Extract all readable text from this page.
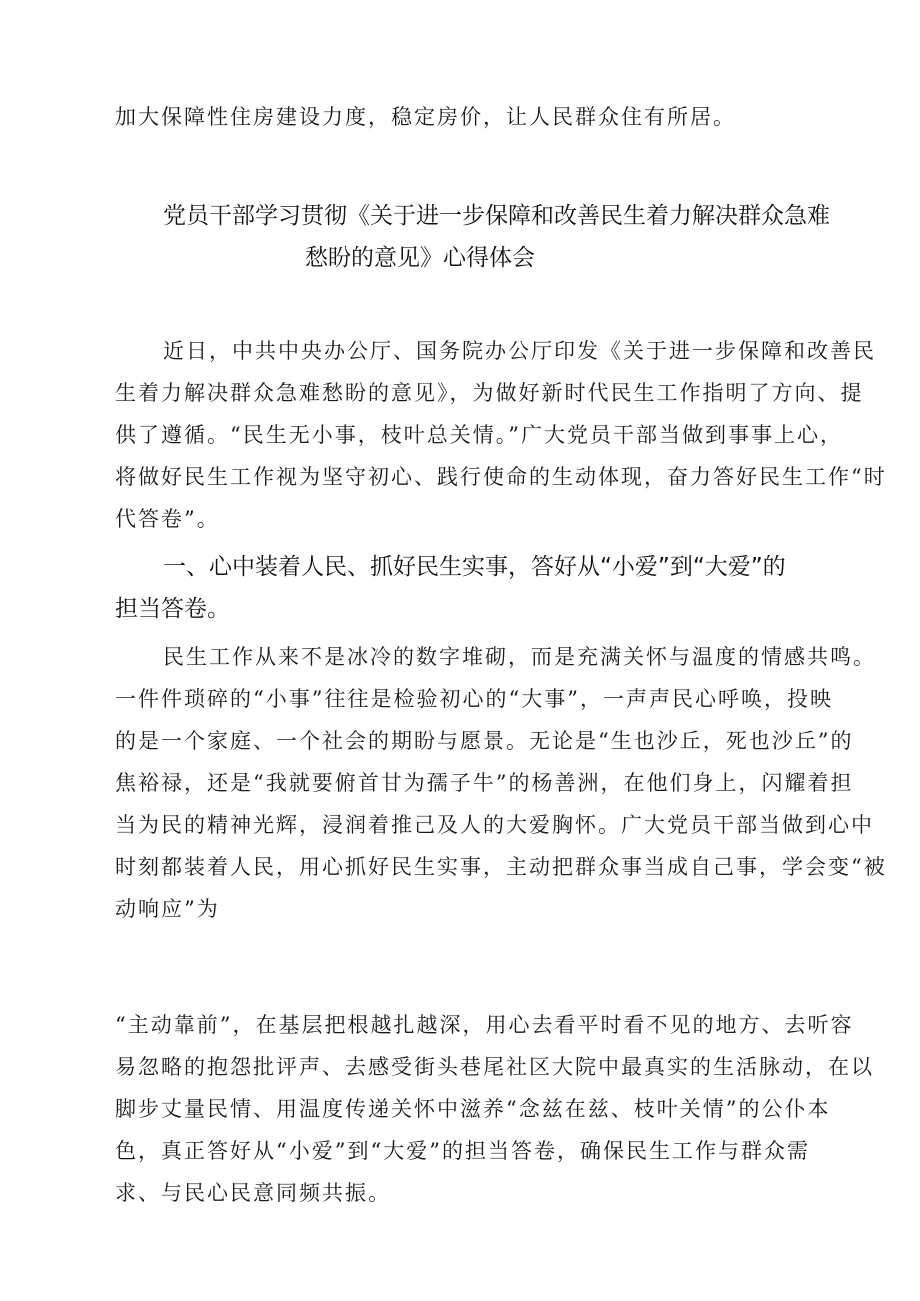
加大保障性住房建设力度，稳定房价，让人民群众住有所居。
党员干部学习贯彻《关于进一步保障和改善民生着力解决群众急难
愁盼的意见》心得体会
近日，中共中央办公厅、国务院办公厅印发《关于进一步保障和改善民
生着力解决群众急难愁盼的意见》，为做好新时代民生工作指明了方向、提
供了遵循。“民生无小事，枝叶总关情。”广大党员干部当做到事事上心，
将做好民生工作视为坚守初心、践行使命的生动体现，奋力答好民生工作“时
代答卷”。
一、心中装着人民、抓好民生实事，答好从“小爱”到“大爱”的
担当答卷。
民生工作从来不是冰冷的数字堆砌，而是充满关怀与温度的情感共鸣。
一件件琐碎的“小事”往往是检验初心的“大事”，一声声民心呼唤，投映
的是一个家庭、一个社会的期盼与愿景。无论是“生也沙丘，死也沙丘”的
焦裕禄，还是“我就要俯首甘为孺子牛”的杨善洲，在他们身上，闪耀着担
当为民的精神光辉，浸润着推己及人的大爱胸怀。广大党员干部当做到心中
时刻都装着人民，用心抓好民生实事，主动把群众事当成自己事，学会变“被
动响应”为
“主动靠前”，在基层把根越扎越深，用心去看平时看不见的地方、去听容
易忽略的抱怨批评声、去感受街头巷尾社区大院中最真实的生活脉动，在以
脚步丈量民情、用温度传递关怀中滋养“念兹在兹、枝叶关情”的公仆本
色，真正答好从“小爱”到“大爱”的担当答卷，确保民生工作与群众需
求、与民心民意同频共振。
